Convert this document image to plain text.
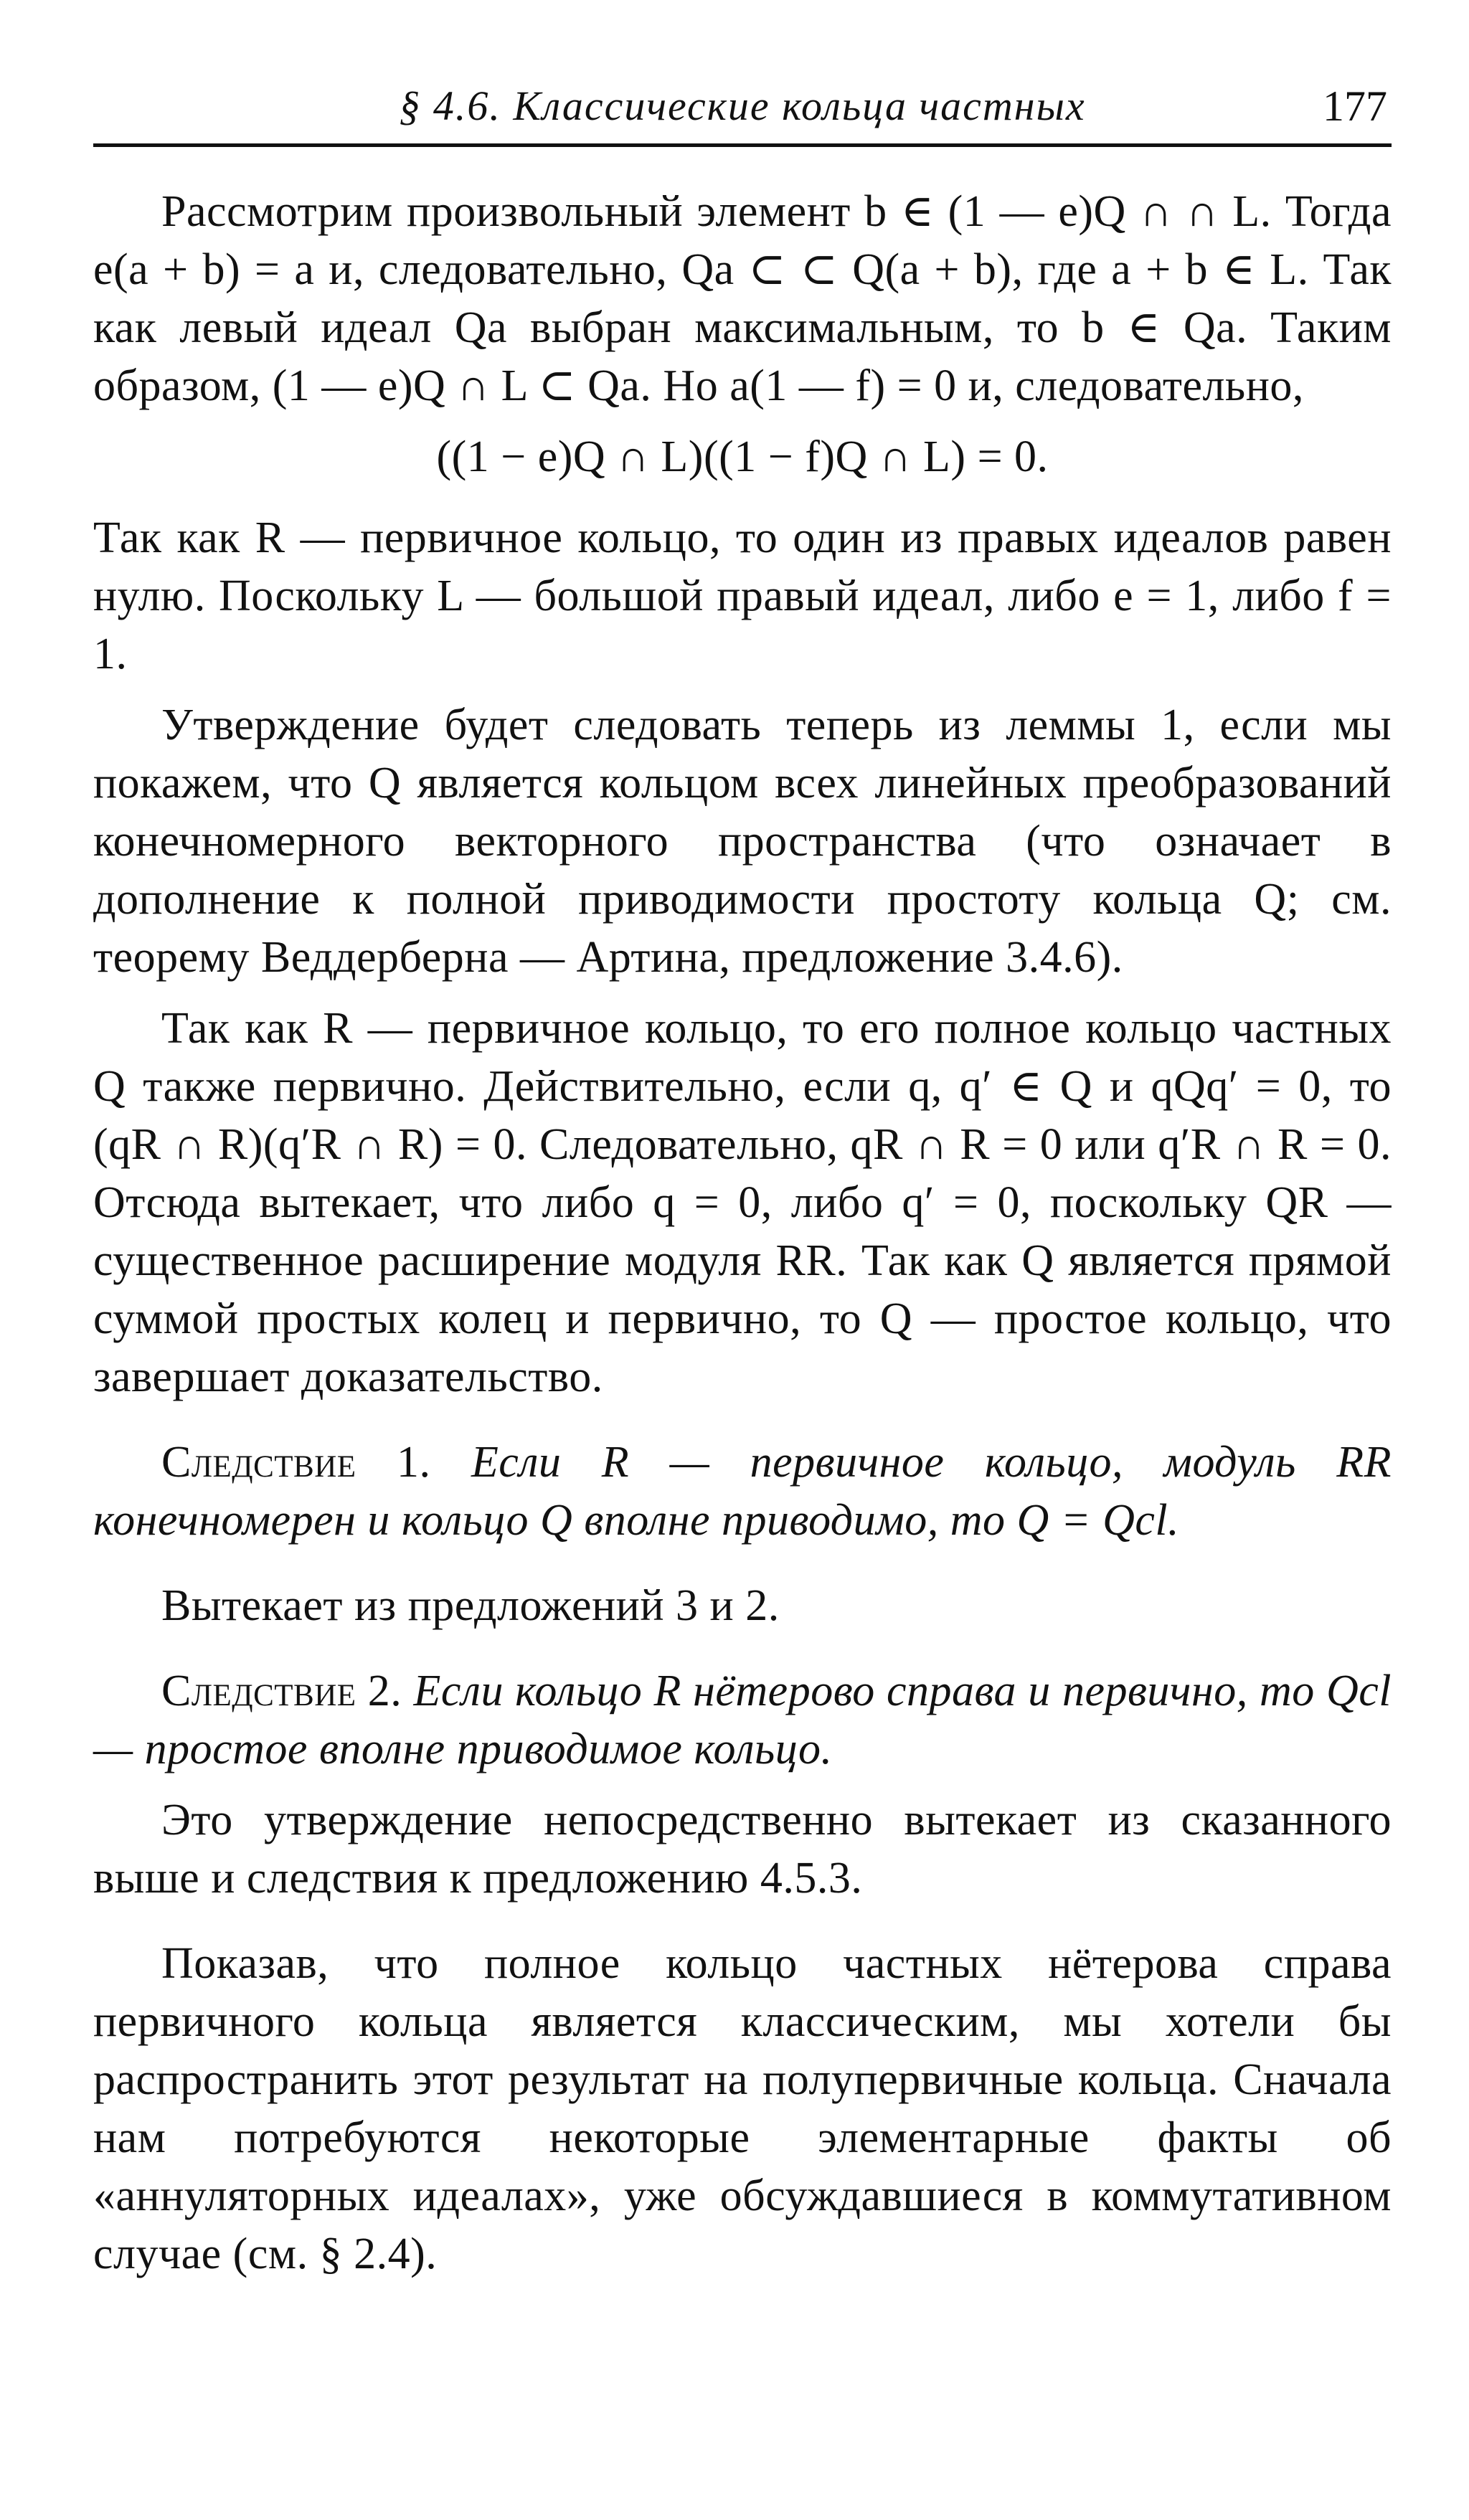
§ 4.6. Классические кольца частных	177

Рассмотрим произвольный элемент b ∈ (1 — e)Q ∩ ∩ L. Тогда e(a + b) = a и, следовательно, Qa ⊂ ⊂ Q(a + b), где a + b ∈ L. Так как левый идеал Qa выбран максимальным, то b ∈ Qa. Таким образом, (1 — e)Q ∩ L ⊂ Qa. Но a(1 — f) = 0 и, следовательно,

((1 − e)Q ∩ L)((1 − f)Q ∩ L) = 0.

Так как R — первичное кольцо, то один из правых идеалов равен нулю. Поскольку L — большой правый идеал, либо e = 1, либо f = 1.

Утверждение будет следовать теперь из леммы 1, если мы покажем, что Q является кольцом всех линейных преобразований конечномерного векторного пространства (что означает в дополнение к полной приводимости простоту кольца Q; см. теорему Веддерберна — Артина, предложение 3.4.6).

Так как R — первичное кольцо, то его полное кольцо частных Q также первично. Действительно, если q, q′ ∈ Q и qQq′ = 0, то (qR ∩ R)(q′R ∩ R) = 0. Следовательно, qR ∩ R = 0 или q′R ∩ R = 0. Отсюда вытекает, что либо q = 0, либо q′ = 0, поскольку QR — существенное расширение модуля RR. Так как Q является прямой суммой простых колец и первично, то Q — простое кольцо, что завершает доказательство.

Следствие 1. Если R — первичное кольцо, модуль RR конечномерен и кольцо Q вполне приводимо, то Q = Qcl.

Вытекает из предложений 3 и 2.

Следствие 2. Если кольцо R нётерово справа и первично, то Qcl — простое вполне приводимое кольцо.

Это утверждение непосредственно вытекает из сказанного выше и следствия к предложению 4.5.3.

Показав, что полное кольцо частных нётерова справа первичного кольца является классическим, мы хотели бы распространить этот результат на полупервичные кольца. Сначала нам потребуются некоторые элементарные факты об «аннуляторных идеалах», уже обсуждавшиеся в коммутативном случае (см. § 2.4).
